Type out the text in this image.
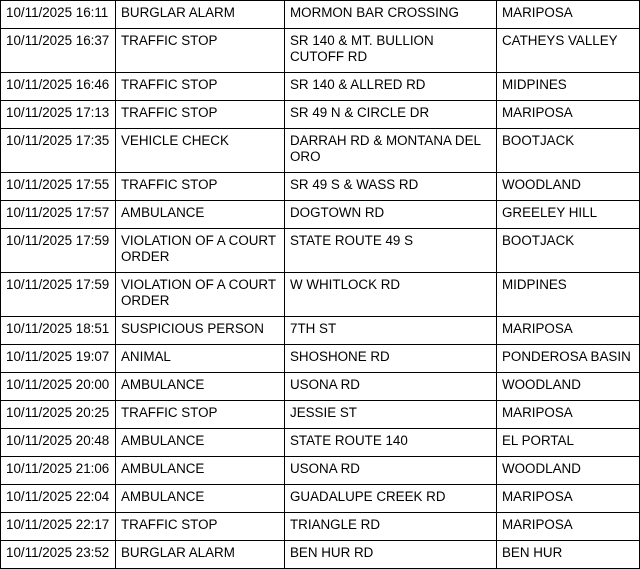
10/11/2025 16:11	BURGLAR ALARM	MORMON BAR CROSSING	MARIPOSA
10/11/2025 16:37	TRAFFIC STOP	SR 140 & MT. BULLION CUTOFF RD	CATHEYS VALLEY
10/11/2025 16:46	TRAFFIC STOP	SR 140 & ALLRED RD	MIDPINES
10/11/2025 17:13	TRAFFIC STOP	SR 49 N & CIRCLE DR	MARIPOSA
10/11/2025 17:35	VEHICLE CHECK	DARRAH RD & MONTANA DEL ORO	BOOTJACK
10/11/2025 17:55	TRAFFIC STOP	SR 49 S & WASS RD	WOODLAND
10/11/2025 17:57	AMBULANCE	DOGTOWN RD	GREELEY HILL
10/11/2025 17:59	VIOLATION OF A COURT ORDER	STATE ROUTE 49 S	BOOTJACK
10/11/2025 17:59	VIOLATION OF A COURT ORDER	W WHITLOCK RD	MIDPINES
10/11/2025 18:51	SUSPICIOUS PERSON	7TH ST	MARIPOSA
10/11/2025 19:07	ANIMAL	SHOSHONE RD	PONDEROSA BASIN
10/11/2025 20:00	AMBULANCE	USONA RD	WOODLAND
10/11/2025 20:25	TRAFFIC STOP	JESSIE ST	MARIPOSA
10/11/2025 20:48	AMBULANCE	STATE ROUTE 140	EL PORTAL
10/11/2025 21:06	AMBULANCE	USONA RD	WOODLAND
10/11/2025 22:04	AMBULANCE	GUADALUPE CREEK RD	MARIPOSA
10/11/2025 22:17	TRAFFIC STOP	TRIANGLE RD	MARIPOSA
10/11/2025 23:52	BURGLAR ALARM	BEN HUR RD	BEN HUR
